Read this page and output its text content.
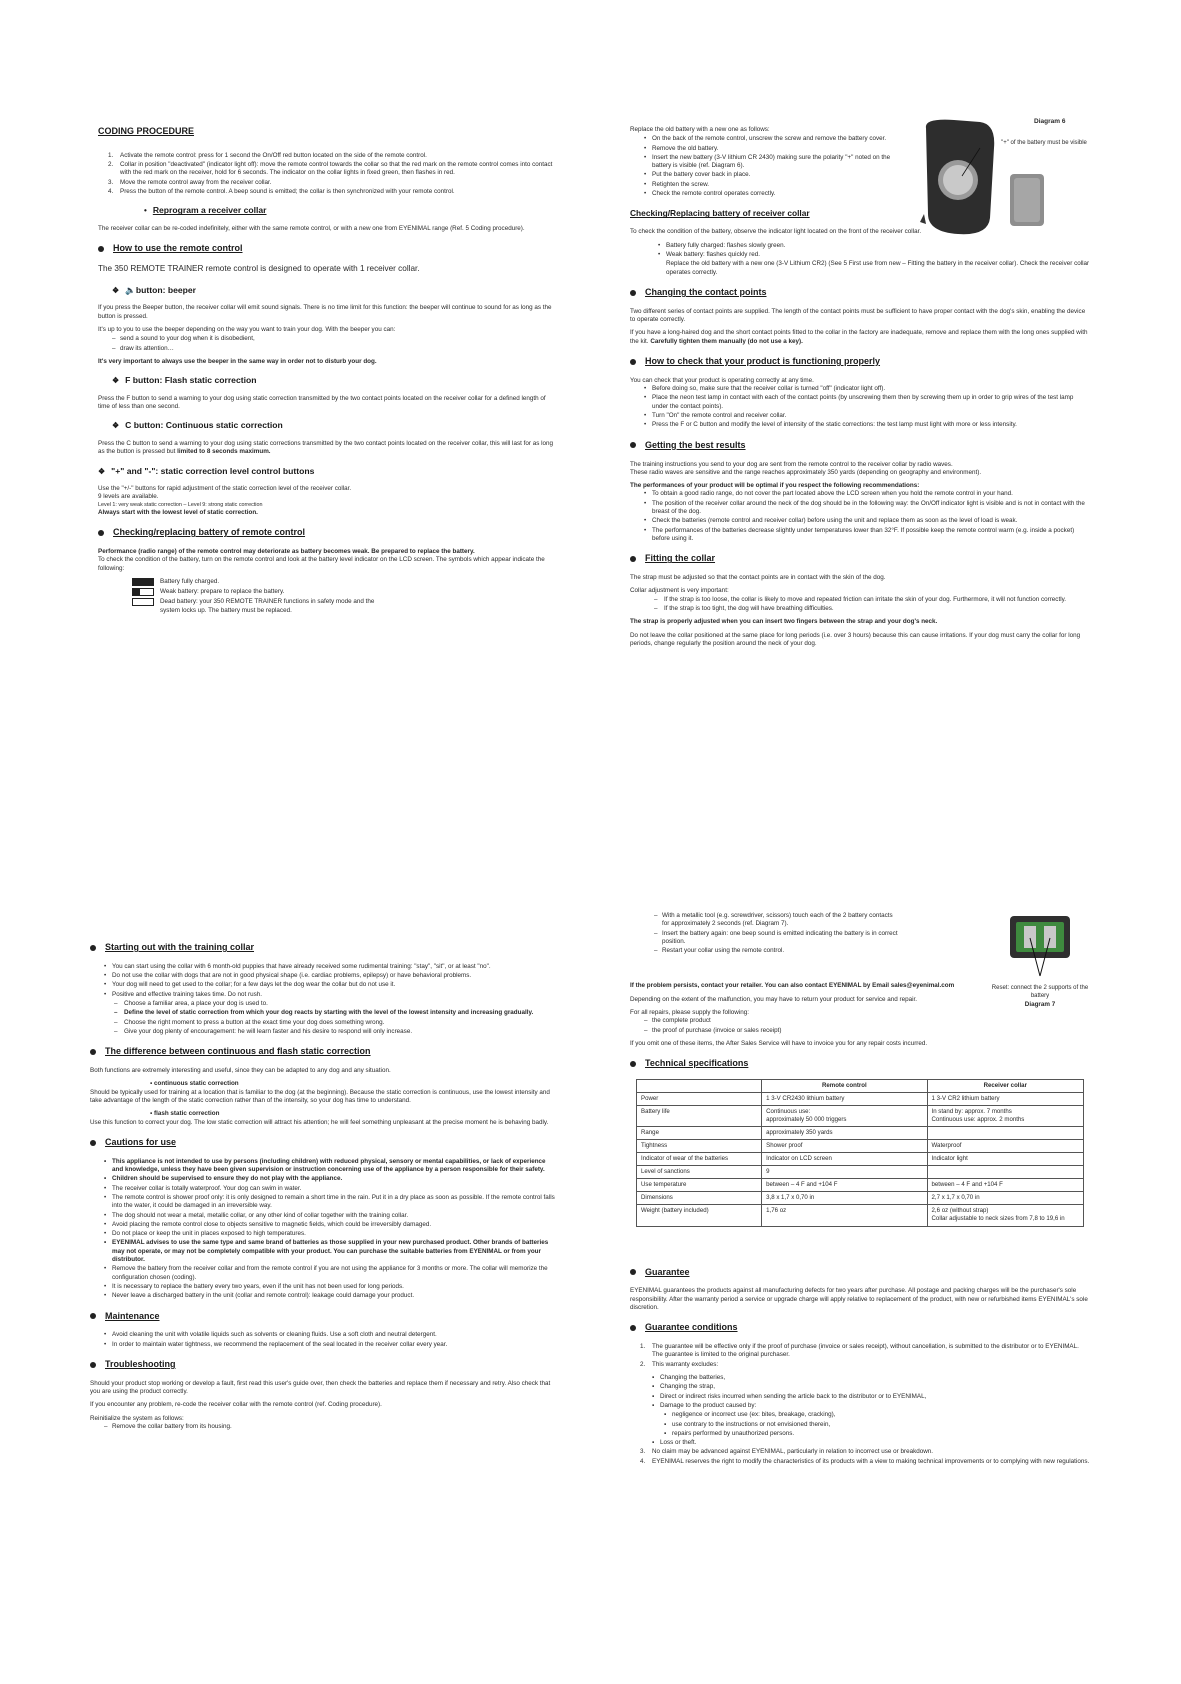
CODING PROCEDURE
1. Activate the remote control: press for 1 second the On/Off red button located on the side of the remote control.
2. Collar in position "deactivated" (indicator light off): move the remote control towards the collar so that the red mark on the remote control comes into contact with the red mark on the receiver, hold for 6 seconds. The indicator on the collar lights in fixed green, then flashes in red.
3. Move the remote control away from the receiver collar.
4. Press the button of the remote control. A beep sound is emitted; the collar is then synchronized with your remote control.
• Reprogram a receiver collar

The receiver collar can be re-coded indefinitely, either with the same remote control, or with a new one from EYENIMAL range (Ref. 5 Coding procedure).

How to use the remote control

The 350 REMOTE TRAINER remote control is designed to operate with 1 receiver collar.

❖ 🔈button: beeper

If you press the Beeper button, the receiver collar will emit sound signals. There is no time limit for this function: the beeper will continue to sound for as long as the button is pressed.

It's up to you to use the beeper depending on the way you want to train your dog. With the beeper you can:

– send a sound to your dog when it is disobedient,
– draw its attention…

It's very important to always use the beeper in the same way in order not to disturb your dog.

❖ F button: Flash static correction

Press the F button to send a warning to your dog using static correction transmitted by the two contact points located on the receiver collar for a defined length of time of less than one second.

❖ C button: Continuous static correction

Press the C button to send a warning to your dog using static corrections transmitted by the two contact points located on the receiver collar, this will last for as long as the button is pressed but limited to 8 seconds maximum.

❖ "+" and "-": static correction level control buttons

Use the "+/-" buttons for rapid adjustment of the static correction level of the receiver collar.

9 levels are available.

Level 1: very weak static correction – Level 9: strong static correction

Always start with the lowest level of static correction.

Checking/replacing battery of remote control

Performance (radio range) of the remote control may deteriorate as battery becomes weak. Be prepared to replace the battery.

To check the condition of the battery, turn on the remote control and look at the battery level indicator on the LCD screen. The symbols which appear indicate the following:

Battery fully charged.
Weak battery: prepare to replace the battery.
Dead battery: your 350 REMOTE TRAINER functions in safety mode and the system locks up. The battery must be replaced.

Replace the old battery with a new one as follows:

• On the back of the remote control, unscrew the screw and remove the battery cover.
• Remove the old battery.
• Insert the new battery (3-V lithium CR 2430) making sure the polarity "+" noted on the battery is visible (ref. Diagram 6).
• Put the battery cover back in place.
• Retighten the screw.
• Check the remote control operates correctly.
Diagram 6
"+" of the battery must be visible
Checking/Replacing battery of receiver collar

To check the condition of the battery, observe the indicator light located on the front of the receiver collar.

• Battery fully charged: flashes slowly green.
• Weak battery: flashes quickly red.

Replace the old battery with a new one (3-V Lithium CR2) (See 5 First use from new – Fitting the battery in the receiver collar). Check the receiver collar operates correctly.

Changing the contact points

Two different series of contact points are supplied. The length of the contact points must be sufficient to have proper contact with the dog's skin, enabling the device to operate correctly.

If you have a long-haired dog and the short contact points fitted to the collar in the factory are inadequate, remove and replace them with the long ones supplied with the kit. Carefully tighten them manually (do not use a key).

How to check that your product is functioning properly

You can check that your product is operating correctly at any time.

• Before doing so, make sure that the receiver collar is turned "off" (indicator light off).
• Place the neon test lamp in contact with each of the contact points (by unscrewing them then by screwing them up in order to grip wires of the test lamp under the contact points).
• Turn "On" the remote control and receiver collar.
• Press the F or C button and modify the level of intensity of the static corrections: the test lamp must light with more or less intensity.
Getting the best results

The training instructions you send to your dog are sent from the remote control to the receiver collar by radio waves.

These radio waves are sensitive and the range reaches approximately 350 yards (depending on geography and environment).

The performances of your product will be optimal if you respect the following recommendations:

• To obtain a good radio range, do not cover the part located above the LCD screen when you hold the remote control in your hand.
• The position of the receiver collar around the neck of the dog should be in the following way: the On/Off indicator light is visible and is not in contact with the breast of the dog.
• Check the batteries (remote control and receiver collar) before using the unit and replace them as soon as the level of load is weak.
• The performances of the batteries decrease slightly under temperatures lower than 32°F. If possible keep the remote control warm (e.g. inside a pocket) before using it.
Fitting the collar

The strap must be adjusted so that the contact points are in contact with the skin of the dog.

Collar adjustment is very important:

– If the strap is too loose, the collar is likely to move and repeated friction can irritate the skin of your dog. Furthermore, it will not function correctly.
– If the strap is too tight, the dog will have breathing difficulties.

The strap is properly adjusted when you can insert two fingers between the strap and your dog's neck.

Do not leave the collar positioned at the same place for long periods (i.e. over 3 hours) because this can cause irritations. If your dog must carry the collar for long periods, change regularly the position around the neck of your dog.

Starting out with the training collar
• You can start using the collar with 6 month-old puppies that have already received some rudimental training: "stay", "sit", or at least "no".
• Do not use the collar with dogs that are not in good physical shape (i.e. cardiac problems, epilepsy) or have behavioral problems.
• Your dog will need to get used to the collar; for a few days let the dog wear the collar but do not use it.
• Positive and effective training takes time. Do not rush.
– Choose a familiar area, a place your dog is used to.
– Define the level of static correction from which your dog reacts by starting with the level of the lowest intensity and increasing gradually.
– Choose the right moment to press a button at the exact time your dog does something wrong.
– Give your dog plenty of encouragement: he will learn faster and his desire to respond will only increase.
The difference between continuous and flash static correction

Both functions are extremely interesting and useful, since they can be adapted to any dog and any situation.

▪ continuous static correction

Should be typically used for training at a location that is familiar to the dog (at the beginning). Because the static correction is continuous, use the lowest intensity and take advantage of the length of the static correction rather than of the intensity, so your dog has time to understand.

▪ flash static correction

Use this function to correct your dog. The low static correction will attract his attention; he will feel something unpleasant at the precise moment he is behaving badly.

Cautions for use
• This appliance is not intended to use by persons (including children) with reduced physical, sensory or mental capabilities, or lack of experience and knowledge, unless they have been given supervision or instruction concerning use of the appliance by a person responsible for their safety.
• Children should be supervised to ensure they do not play with the appliance.
• The receiver collar is totally waterproof. Your dog can swim in water.
• The remote control is shower proof only: it is only designed to remain a short time in the rain. Put it in a dry place as soon as possible. If the remote control falls into the water, it could be damaged in an irreversible way.
• The dog should not wear a metal, metallic collar, or any other kind of collar together with the training collar.
• Avoid placing the remote control close to objects sensitive to magnetic fields, which could be irreversibly damaged.
• Do not place or keep the unit in places exposed to high temperatures.
• EYENIMAL advises to use the same type and same brand of batteries as those supplied in your new purchased product. Other brands of batteries may not operate, or may not be completely compatible with your product. You can purchase the suitable batteries from EYENIMAL or from your distributor.
• Remove the battery from the receiver collar and from the remote control if you are not using the appliance for 3 months or more. The collar will memorize the configuration chosen (coding).
• It is necessary to replace the battery every two years, even if the unit has not been used for long periods.
• Never leave a discharged battery in the unit (collar and remote control): leakage could damage your product.
Maintenance
• Avoid cleaning the unit with volatile liquids such as solvents or cleaning fluids. Use a soft cloth and neutral detergent.
• In order to maintain water tightness, we recommend the replacement of the seal located in the receiver collar every year.
Troubleshooting

Should your product stop working or develop a fault, first read this user's guide over, then check the batteries and replace them if necessary and retry. Also check that you are using the product correctly.

If you encounter any problem, re-code the receiver collar with the remote control (ref. Coding procedure).

Reinitialize the system as follows:

– Remove the collar battery from its housing.
– With a metallic tool (e.g. screwdriver, scissors) touch each of the 2 battery contacts for approximately 2 seconds (ref. Diagram 7).
– Insert the battery again: one beep sound is emitted indicating the battery is in correct position.
– Restart your collar using the remote control.
Reset: connect the 2 supports of the battery
Diagram 7

If the problem persists, contact your retailer. You can also contact EYENIMAL by Email sales@eyenimal.com

Depending on the extent of the malfunction, you may have to return your product for service and repair.

For all repairs, please supply the following:

– the complete product
– the proof of purchase (invoice or sales receipt)

If you omit one of these items, the After Sales Service will have to invoice you for any repair costs incurred.

Technical specifications
	Remote control	Receiver collar
Power	1 3-V CR2430 lithium battery	1 3-V CR2 lithium battery
Battery life	Continuous use:
approximately 50 000 triggers	In stand by: approx. 7 months
Continuous use: approx. 2 months
Range	approximately 350 yards	
Tightness	Shower proof	Waterproof
Indicator of wear of the batteries	Indicator on LCD screen	Indicator light
Level of sanctions	9	
Use temperature	between – 4 F and +104 F	between – 4 F and +104 F
Dimensions	3,8 x 1,7 x 0,70 in	2,7 x 1,7 x 0,70 in
Weight (battery included)	1,76 oz	2,6 oz (without strap)
Collar adjustable to neck sizes from 7,8 to 19,6 in
Guarantee

EYENIMAL guarantees the products against all manufacturing defects for two years after purchase. All postage and packing charges will be the purchaser's sole responsibility. After the warranty period a service or upgrade charge will apply relative to replacement of the product, with new or refurbished items EYENIMAL's sole discretion.

Guarantee conditions
1. The guarantee will be effective only if the proof of purchase (invoice or sales receipt), without cancellation, is submitted to the distributor or to EYENIMAL. The guarantee is limited to the original purchaser.
2. This warranty excludes:
▪ Changing the batteries,
▪ Changing the strap,
▪ Direct or indirect risks incurred when sending the article back to the distributor or to EYENIMAL,
▪ Damage to the product caused by:
▪ negligence or incorrect use (ex: bites, breakage, cracking),
▪ use contrary to the instructions or not envisioned therein,
▪ repairs performed by unauthorized persons.
▪ Loss or theft.
3. No claim may be advanced against EYENIMAL, particularly in relation to incorrect use or breakdown.
4. EYENIMAL reserves the right to modify the characteristics of its products with a view to making technical improvements or to complying with new regulations.
